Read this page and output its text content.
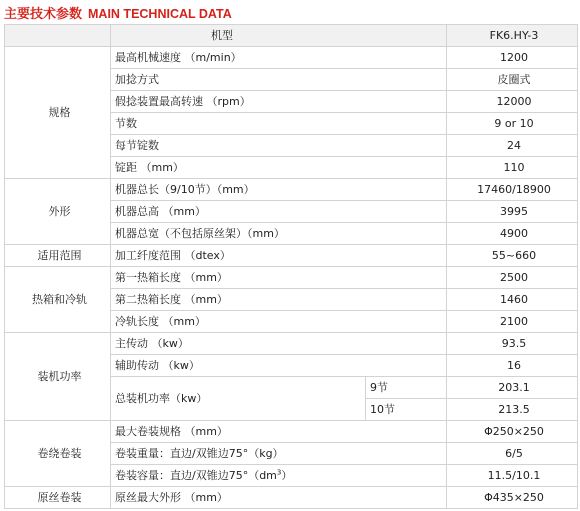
主要技术参数 MAIN TECHNICAL DATA
	机型		FK6.HY-3
规格	最高机械速度 （m/min）		1200
	加捻方式		皮圈式
	假捻装置最高转速 （rpm）		12000
	节数		9 or 10
	每节锭数		24
	锭距 （mm）		110
外形	机器总长（9/10节）（mm）		17460/18900
	机器总高 （mm）		3995
	机器总宽（不包括原丝架）（mm）		4900
适用范围	加工纤度范围 （dtex）		55~660
热箱和冷轨	第一热箱长度 （mm）		2500
	第二热箱长度 （mm）		1460
	冷轨长度 （mm）		2100
装机功率	主传动 （kw）		93.5
	辅助传动 （kw）		16
	总装机功率（kw）	9节	203.1
		10节	213.5
卷绕卷装	最大卷装规格 （mm）		Φ250×250
	卷装重量：直边/双锥边75°（kg）		6/5
	卷装容量：直边/双锥边$75^\circ(dm^3)$		11.5/10.1
原丝卷装	原丝最大外形 （mm）		Φ435×250
